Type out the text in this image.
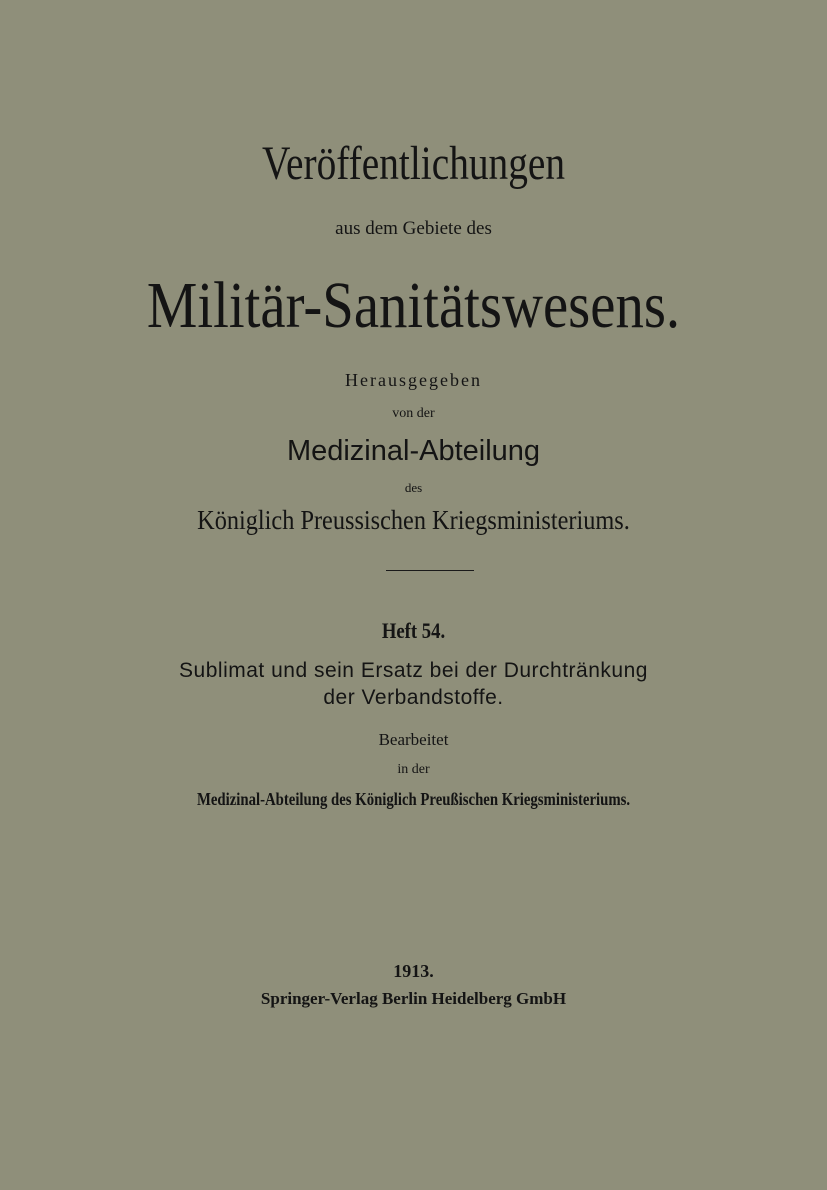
Veröffentlichungen
aus dem Gebiete des
Militär-Sanitätswesens.
Herausgegeben
von der
Medizinal-Abteilung
des
Königlich Preussischen Kriegsministeriums.
Heft 54.
Sublimat und sein Ersatz bei der Durchtränkung
der Verbandstoffe.
Bearbeitet
in der
Medizinal-Abteilung des Königlich Preußischen Kriegsministeriums.
1913.
Springer-Verlag Berlin Heidelberg GmbH
